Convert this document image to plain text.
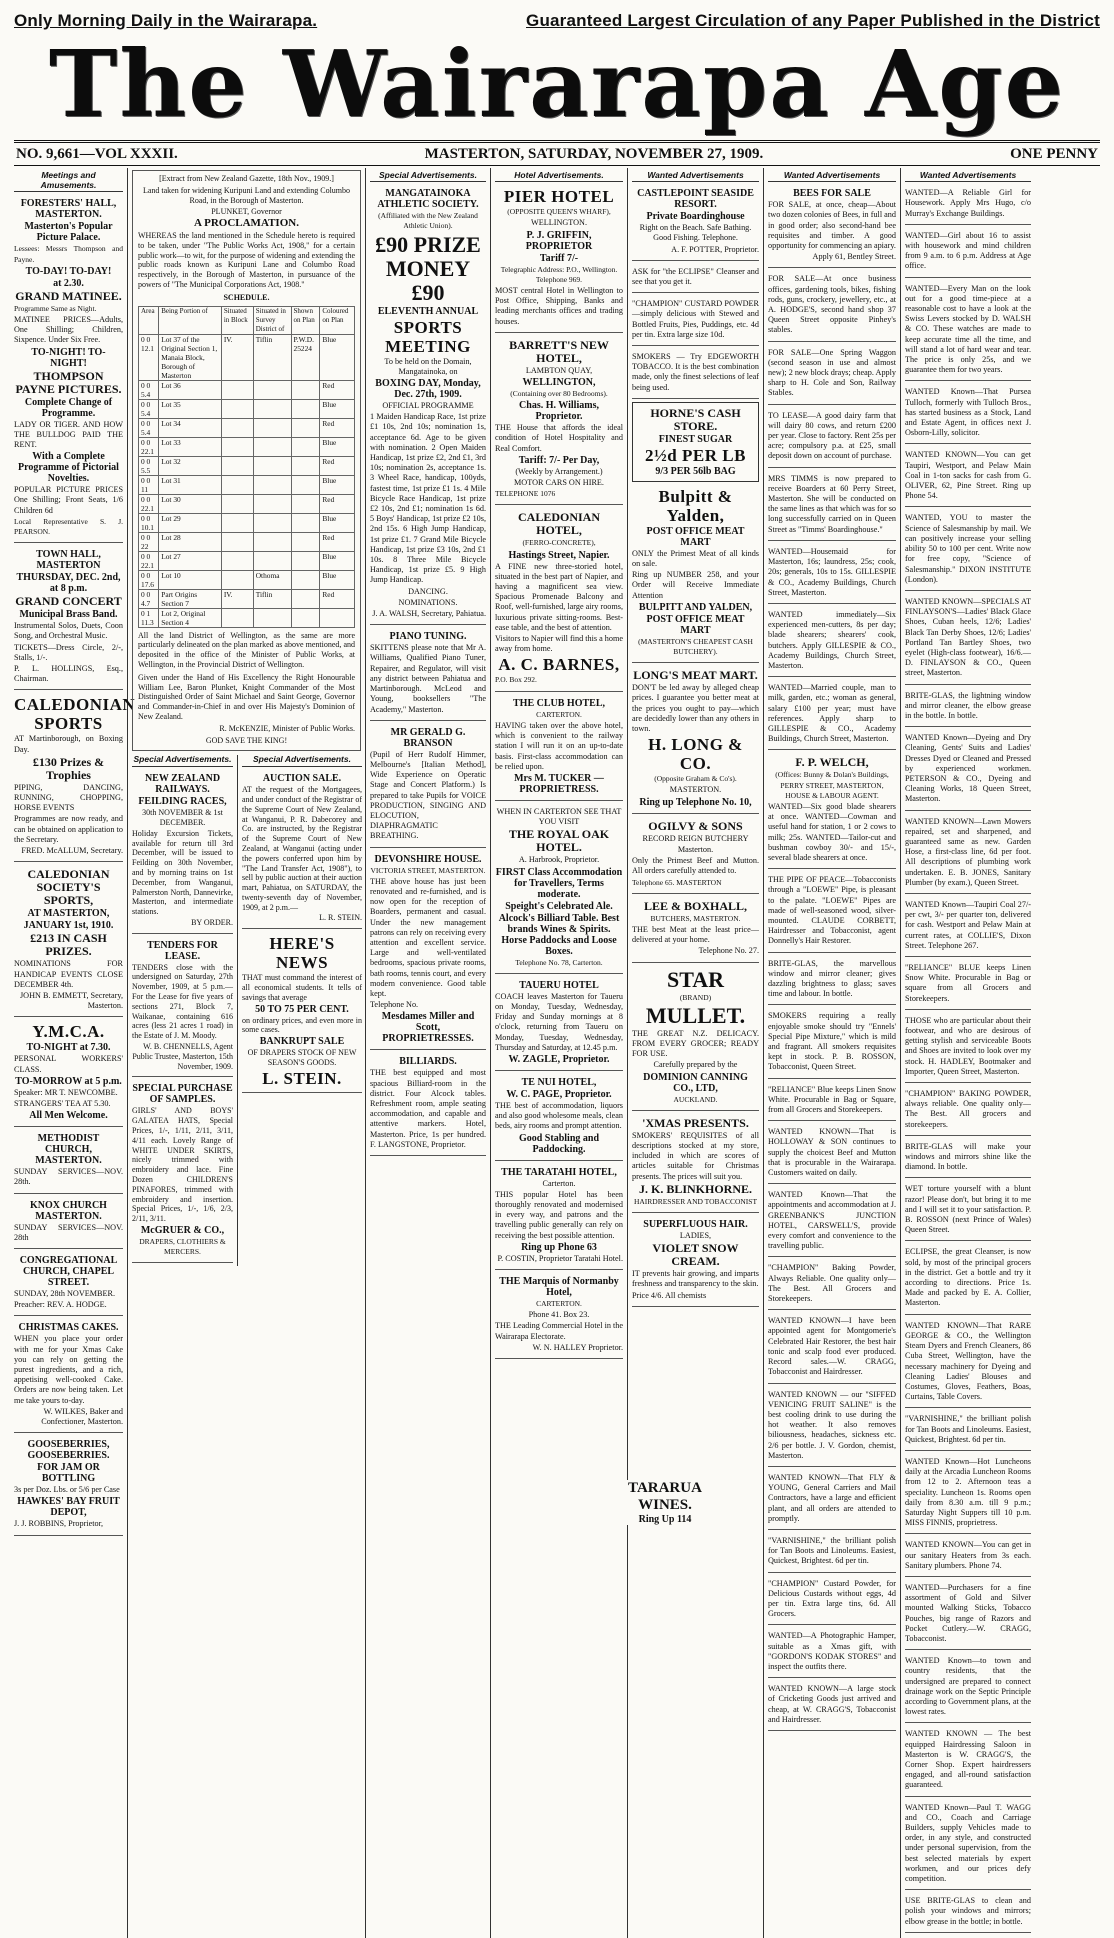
Only Morning Daily in the Wairarapa.	Guaranteed Largest Circulation of any Paper Published in the District
The Wairarapa Age
NO. 9,661—VOL XXXII.	MASTERTON, SATURDAY, NOVEMBER 27, 1909.	ONE PENNY
Meetings and Amusements.
FORESTERS' HALL, MASTERTON.
Masterton's Popular Picture Palace.

Lessees: Messrs Thompson and Payne.

TO-DAY! TO-DAY!
at 2.30.
GRAND MATINEE.

Programme Same as Night.

MATINEE PRICES—Adults, One Shilling; Children, Sixpence. Under Six Free.

TO-NIGHT! TO-NIGHT!
THOMPSON PAYNE PICTURES.
Complete Change of Programme.

LADY OR TIGER. AND HOW THE BULLDOG PAID THE RENT.

With a Complete Programme of Pictorial Novelties.

POPULAR PICTURE PRICES One Shilling; Front Seats, 1/6 Children 6d

Local Representative S. J. PEARSON.

TOWN HALL, MASTERTON
THURSDAY, DEC. 2nd, at 8 p.m.
GRAND CONCERT
Municipal Brass Band.

Instrumental Solos, Duets, Coon Song, and Orchestral Music.

TICKETS—Dress Circle, 2/-, Stalls, 1/-.

P. L. HOLLINGS, Esq., Chairman.

CALEDONIAN SPORTS

AT Martinborough, on Boxing Day.

£130 Prizes & Trophies

PIPING, DANCING, RUNNING, CHOPPING, HORSE EVENTS

Programmes are now ready, and can be obtained on application to the Secretary.

FRED. McALLUM, Secretary.

CALEDONIAN SOCIETY'S SPORTS,
AT MASTERTON,
JANUARY 1st, 1910.
£213 IN CASH PRIZES.

NOMINATIONS FOR HANDICAP EVENTS CLOSE DECEMBER 4th.

JOHN B. EMMETT, Secretary, Masterton.

Y.M.C.A.
TO-NIGHT at 7.30.

PERSONAL WORKERS' CLASS.

TO-MORROW at 5 p.m.

Speaker: MR T. NEWCOMBE.

STRANGERS' TEA AT 5.30.

All Men Welcome.
METHODIST CHURCH, MASTERTON.

SUNDAY SERVICES—NOV. 28th.

KNOX CHURCH MASTERTON.

SUNDAY SERVICES—NOV. 28th

CONGREGATIONAL CHURCH, CHAPEL STREET.

SUNDAY, 28th NOVEMBER.

Preacher: REV. A. HODGE.

CHRISTMAS CAKES.

WHEN you place your order with me for your Xmas Cake you can rely on getting the purest ingredients, and a rich, appetising well-cooked Cake. Orders are now being taken. Let me take yours to-day.

W. WILKES, Baker and Confectioner, Masterton.

GOOSEBERRIES, GOOSEBERRIES.
FOR JAM OR BOTTLING

3s per Doz. Lbs. or 5/6 per Case

HAWKES' BAY FRUIT DEPOT,

J. J. ROBBINS, Proprietor,

[Extract from New Zealand Gazette, 18th Nov., 1909.]

Land taken for widening Kuripuni Land and extending Columbo Road, in the Borough of Masterton.

PLUNKET, Governor

A PROCLAMATION.

WHEREAS the land mentioned in the Schedule hereto is required to be taken, under "The Public Works Act, 1908," for a certain public work—to wit, for the purpose of widening and extending the public roads known as Kuripuni Lane and Columbo Road respectively, in the Borough of Masterton, in pursuance of the powers of "The Municipal Corporations Act, 1908."

SCHEDULE.

Area	Being Portion of	Situated in Block	Situated in Survey District of	Shown on Plan	Coloured on Plan
0 0 12.1	Lot 37 of the Original Section 1, Manaia Block, Borough of Masterton	IV.	Tiflin	P.W.D. 25224	Blue
0 0 5.4	Lot 36				Red
0 0 5.4	Lot 35				Blue
0 0 5.4	Lot 34				Red
0 0 22.1	Lot 33				Blue
0 0 5.5	Lot 32				Red
0 0 11	Lot 31				Blue
0 0 22.1	Lot 30				Red
0 0 10.1	Lot 29				Blue
0 0 22	Lot 28				Red
0 0 22.1	Lot 27				Blue
0 0 17.6	Lot 10		Othoma		Blue
0 0 4.7	Part Origins Section 7	IV.	Tiflin		Red
0 1 11.3	Lot 2, Original Section 4				

All the land District of Wellington, as the same are more particularly delineated on the plan marked as above mentioned, and deposited in the office of the Minister of Public Works, at Wellington, in the Provincial District of Wellington.

Given under the Hand of His Excellency the Right Honourable William Lee, Baron Plunket, Knight Commander of the Most Distinguished Order of Saint Michael and Saint George, Governor and Commander-in-Chief in and over His Majesty's Dominion of New Zealand.

R. McKENZIE, Minister of Public Works.

GOD SAVE THE KING!

Special Advertisements.
NEW ZEALAND RAILWAYS.
FEILDING RACES,

30th NOVEMBER & 1st DECEMBER.

Holiday Excursion Tickets, available for return till 3rd December, will be issued to Feilding on 30th November, and by morning trains on 1st December, from Wanganui, Palmerston North, Dannevirke, Masterton, and intermediate stations.

BY ORDER.

TENDERS FOR LEASE.

TENDERS close with the undersigned on Saturday, 27th November, 1909, at 5 p.m.— For the Lease for five years of sections 271, Block 7, Waikanae, containing 616 acres (less 21 acres 1 road) in the Estate of J. M. Moody.

W. B. CHENNELLS, Agent Public Trustee, Masterton, 15th November, 1909.

SPECIAL PURCHASE OF SAMPLES.

GIRLS' AND BOYS' GALATEA HATS, Special Prices, 1/-, 1/11, 2/11, 3/11, 4/11 each. Lovely Range of WHITE UNDER SKIRTS, nicely trimmed with embroidery and lace. Fine Dozen CHILDREN'S PINAFORES, trimmed with embroidery and insertion. Special Prices, 1/-, 1/6, 2/3, 2/11, 3/11.

McGRUER & CO.,

DRAPERS, CLOTHIERS & MERCERS.

Special Advertisements.
AUCTION SALE.

AT the request of the Mortgagees, and under conduct of the Registrar of the Supreme Court of New Zealand, at Wanganui, P. R. Dabecorey and Co. are instructed, by the Registrar of the Supreme Court of New Zealand, at Wanganui (acting under the powers conferred upon him by "The Land Transfer Act, 1908"), to sell by public auction at their auction mart, Pahiatua, on SATURDAY, the twenty-seventh day of November, 1909, at 2 p.m.—

L. R. STEIN.

HERE'S NEWS

THAT must command the interest of all economical students. It tells of savings that average

50 TO 75 PER CENT.

on ordinary prices, and even more in some cases.

BANKRUPT SALE

OF DRAPERS STOCK OF NEW SEASON'S GOODS.

L. STEIN.
Special Advertisements.
MANGATAINOKA ATHLETIC SOCIETY.

(Affiliated with the New Zealand Athletic Union).

£90 PRIZE MONEY £90
ELEVENTH ANNUAL
SPORTS MEETING

To be held on the Domain, Mangatainoka, on

BOXING DAY, Monday, Dec. 27th, 1909.

OFFICIAL PROGRAMME

1 Maiden Handicap Race, 1st prize £1 10s, 2nd 10s; nomination 1s, acceptance 6d. Age to be given with nomination. 2 Open Maiden Handicap, 1st prize £2, 2nd £1, 3rd 10s; nomination 2s, acceptance 1s. 3 Wheel Race, handicap, 100yds, fastest time, 1st prize £1 1s. 4 Mile Bicycle Race Handicap, 1st prize £2 10s, 2nd £1; nomination 1s 6d. 5 Boys' Handicap, 1st prize £2 10s, 2nd 15s. 6 High Jump Handicap, 1st prize £1. 7 Grand Mile Bicycle Handicap, 1st prize £3 10s, 2nd £1 10s. 8 Three Mile Bicycle Handicap, 1st prize £5. 9 High Jump Handicap.

DANCING.

NOMINATIONS.

J. A. WALSH, Secretary, Pahiatua.

PIANO TUNING.

SKITTENS please note that Mr A. Williams, Qualified Piano Tuner, Repairer, and Regulator, will visit any district between Pahiatua and Martinborough. McLeod and Young, booksellers "The Academy," Masterton.

MR GERALD G. BRANSON

(Pupil of Herr Rudolf Himmer, Melbourne's [Italian Method], Wide Experience on Operatic Stage and Concert Platform.) Is prepared to take Pupils for VOICE PRODUCTION, SINGING AND ELOCUTION, DIAPHRAGMATIC BREATHING.

DEVONSHIRE HOUSE.

VICTORIA STREET, MASTERTON.

THE above house has just been renovated and re-furnished, and is now open for the reception of Boarders, permanent and casual. Under the new management patrons can rely on receiving every attention and excellent service. Large and well-ventilated bedrooms, spacious private rooms, bath rooms, tennis court, and every modern convenience. Good table kept.

Telephone No.

Mesdames Miller and Scott, PROPRIETRESSES.
BILLIARDS.

THE best equipped and most spacious Billiard-room in the district. Four Alcock tables. Refreshment room, ample seating accommodation, and capable and attentive markers. Hotel, Masterton. Price, 1s per hundred. F. LANGSTONE, Proprietor.

Hotel Advertisements.
PIER HOTEL

(OPPOSITE QUEEN'S WHARF),

WELLINGTON.

P. J. GRIFFIN, PROPRIETOR
Tariff 7/-

Telegraphic Address: P.O., Wellington. Telephone 969.

MOST central Hotel in Wellington to Post Office, Shipping, Banks and leading merchants offices and trading houses.

BARRETT'S NEW HOTEL,

LAMBTON QUAY,

WELLINGTON,

(Containing over 80 Bedrooms).

Chas. H. Williams, Proprietor.

THE House that affords the ideal condition of Hotel Hospitality and Real Comfort.

Tariff: 7/- Per Day,

(Weekly by Arrangement.)

MOTOR CARS ON HIRE.

TELEPHONE 1076

CALEDONIAN HOTEL,

(FERRO-CONCRETE),

Hastings Street, Napier.

A FINE new three-storied hotel, situated in the best part of Napier, and having a magnificent sea view. Spacious Promenade Balcony and Roof, well-furnished, large airy rooms, luxurious private sitting-rooms. Best-ease table, and the best of attention.

Visitors to Napier will find this a home away from home.

A. C. BARNES,

P.O. Box 292.

THE CLUB HOTEL,

CARTERTON.

HAVING taken over the above hotel, which is convenient to the railway station I will run it on an up-to-date basis. First-class accommodation can be relied upon.

Mrs M. TUCKER — PROPRIETRESS.

WHEN IN CARTERTON SEE THAT YOU VISIT

THE ROYAL OAK HOTEL.

A. Harbrook, Proprietor.

FIRST Class Accommodation for Travellers, Terms moderate.
Speight's Celebrated Ale.
Alcock's Billiard Table. Best brands Wines & Spirits. Horse Paddocks and Loose Boxes.

Telephone No. 78, Carterton.

TAUERU HOTEL

COACH leaves Masterton for Taueru on Monday, Tuesday, Wednesday, Friday and Sunday mornings at 8 o'clock, returning from Taueru on Monday, Tuesday, Wednesday, Thursday and Saturday, at 12.45 p.m.

W. ZAGLE, Proprietor.
TE NUI HOTEL,
W. C. PAGE, Proprietor.

THE best of accommodation, liquors and also good wholesome meals, clean beds, airy rooms and prompt attention.

Good Stabling and Paddocking.
THE TARATAHI HOTEL,

Carterton.

THIS popular Hotel has been thoroughly renovated and modernised in every way, and patrons and the travelling public generally can rely on receiving the best possible attention.

Ring up Phone 63

P. COSTIN, Proprietor Taratahi Hotel.

THE Marquis of Normanby Hotel,

CARTERTON.

Phone 41. Box 23.

THE Leading Commercial Hotel in the Wairarapa Electorate.

W. N. HALLEY Proprietor.

Wanted Advertisements
CASTLEPOINT SEASIDE RESORT.
Private Boardinghouse

Right on the Beach. Safe Bathing. Good Fishing. Telephone.

A. F. POTTER, Proprietor.

ASK for "the ECLIPSE" Cleanser and see that you get it.

"CHAMPION" CUSTARD POWDER—simply delicious with Stewed and Bottled Fruits, Pies, Puddings, etc. 4d per tin. Extra large size 10d.

SMOKERS — Try EDGEWORTH TOBACCO. It is the best combination made, only the finest selections of leaf being used.

HORNE'S CASH STORE.
FINEST SUGAR
2½d PER LB
9/3 PER 56lb BAG
Bulpitt & Yalden,
POST OFFICE MEAT MART

ONLY the Primest Meat of all kinds on sale.

Ring up NUMBER 258, and your Order will Receive Immediate Attention

BULPITT AND YALDEN,
POST OFFICE MEAT MART

(MASTERTON'S CHEAPEST CASH BUTCHERY).

LONG'S MEAT MART.

DON'T be led away by alleged cheap prices. I guarantee you better meat at the prices you ought to pay—which are decidedly lower than any others in town.

H. LONG & CO.

(Opposite Graham & Co's).

MASTERTON.

Ring up Telephone No. 10,
OGILVY & SONS

RECORD REIGN BUTCHERY

Masterton.

Only the Primest Beef and Mutton. All orders carefully attended to.

Telephone 65. MASTERTON

LEE & BOXHALL,

BUTCHERS, MASTERTON.

THE best Meat at the least price—delivered at your home.

Telephone No. 27.

STAR

(BRAND)

MULLET.

THE GREAT N.Z. DELICACY. FROM EVERY GROCER; READY FOR USE.

Carefully prepared by the

DOMINION CANNING CO., LTD,

AUCKLAND.

'XMAS PRESENTS.

SMOKERS' REQUISITES of all descriptions stocked at my store, included in which are scores of articles suitable for Christmas presents. The prices will suit you.

J. K. BLINKHORNE.

HAIRDRESSER AND TOBACCONIST

SUPERFLUOUS HAIR.

LADIES,

VIOLET SNOW CREAM.

IT prevents hair growing, and imparts freshness and transparency to the skin.

Price 4/6. All chemists

Wanted Advertisements
BEES FOR SALE

FOR SALE, at once, cheap—About two dozen colonies of Bees, in full and in good order; also second-hand bee requisites and timber. A good opportunity for commencing an apiary.

Apply 61, Bentley Street.

FOR SALE—At once business offices, gardening tools, bikes, fishing rods, guns, crockery, jewellery, etc., at A. HODGE'S, second hand shop 37 Queen Street opposite Pinhey's stables.

FOR SALE—One Spring Waggon (second season in use and almost new); 2 new block drays; cheap. Apply sharp to H. Cole and Son, Railway Stables.

TO LEASE—A good dairy farm that will dairy 80 cows, and return £200 per year. Close to factory. Rent 25s per acre; compulsory p.a. at £25, small deposit down on account of purchase.

MRS TIMMS is now prepared to receive Boarders at 60 Perry Street, Masterton. She will be conducted on the same lines as that which was for so long successfully carried on in Queen Street as "Timms' Boardinghouse."

WANTED—Housemaid for Masterton, 16s; laundress, 25s; cook, 20s; generals, 10s to 15s. GILLESPIE & CO., Academy Buildings, Church Street, Masterton.

WANTED immediately—Six experienced men-cutters, 8s per day; blade shearers; shearers' cook, butchers. Apply GILLESPIE & CO., Academy Buildings, Church Street, Masterton.

WANTED—Married couple, man to milk, garden, etc.; woman as general, salary £100 per year; must have references. Apply sharp to GILLESPIE & CO., Academy Buildings, Church Street, Masterton.

F. P. WELCH,

(Offices: Bunny & Dolan's Buildings, PERRY STREET, MASTERTON, HOUSE & LABOUR AGENT.

WANTED—Six good blade shearers at once. WANTED—Cowman and useful hand for station, 1 or 2 cows to milk; 25s. WANTED—Tailor-cut and bushman cowboy 30/- and 15/-, several blade shearers at once.

THE PIPE OF PEACE—Tobacconists through a "LOEWE" Pipe, is pleasant to the palate. "LOEWE" Pipes are made of well-seasoned wood, silver-mounted. CLAUDE CORBETT, Hairdresser and Tobacconist, agent Donnelly's Hair Restorer.

BRITE-GLAS, the marvellous window and mirror cleaner; gives dazzling brightness to glass; saves time and labour. In bottle.

SMOKERS requiring a really enjoyable smoke should try "Ennels' Special Pipe Mixture," which is mild and fragrant. All smokers requisites kept in stock. P. B. ROSSON, Tobacconist, Queen Street.

"RELIANCE" Blue keeps Linen Snow White. Procurable in Bag or Square, from all Grocers and Storekeepers.

WANTED KNOWN—That is HOLLOWAY & SON continues to supply the choicest Beef and Mutton that is procurable in the Wairarapa. Customers waited on daily.

WANTED Known—That the appointments and accommodation at J. GREENBANK'S JUNCTION HOTEL, CARSWELL'S, provide every comfort and convenience to the travelling public.

"CHAMPION" Baking Powder, Always Reliable. One quality only—The Best. All Grocers and Storekeepers.

WANTED KNOWN—I have been appointed agent for Montgomerie's Celebrated Hair Restorer, the best hair tonic and scalp food ever produced. Record sales.—W. CRAGG, Tobacconist and Hairdresser.

WANTED KNOWN — our "SIFFED VENICING FRUIT SALINE" is the best cooling drink to use during the hot weather. It also removes biliousness, headaches, sickness etc. 2/6 per bottle. J. V. Gordon, chemist, Masterton.

WANTED KNOWN—That FLY & YOUNG, General Carriers and Mail Contractors, have a large and efficient plant, and all orders are attended to promptly.

"VARNISHINE," the brilliant polish for Tan Boots and Linoleums. Easiest, Quickest, Brightest. 6d per tin.

"CHAMPION" Custard Powder, for Delicious Custards without eggs, 4d per tin. Extra large tins, 6d. All Grocers.

WANTED—A Photographic Hamper, suitable as a Xmas gift, with "GORDON'S KODAK STORES" and inspect the outfits there.

WANTED KNOWN—A large stock of Cricketing Goods just arrived and cheap, at W. CRAGG'S, Tobacconist and Hairdresser.

Wanted Advertisements

WANTED—A Reliable Girl for Housework. Apply Mrs Hugo, c/o Murray's Exchange Buildings.

WANTED—Girl about 16 to assist with housework and mind children from 9 a.m. to 6 p.m. Address at Age office.

WANTED—Every Man on the look out for a good time-piece at a reasonable cost to have a look at the Swiss Levers stocked by D. WALSH & CO. These watches are made to keep accurate time all the time, and will stand a lot of hard wear and tear. The price is only 25s, and we guarantee them for two years.

WANTED Known—That Pursea Tulloch, formerly with Tulloch Bros., has started business as a Stock, Land and Estate Agent, in offices next J. Osborn-Lilly, solicitor.

WANTED KNOWN—You can get Taupiri, Westport, and Pelaw Main Coal in 1-ton sacks for cash from G. OLIVER, 62, Pine Street. Ring up Phone 54.

WANTED, YOU to master the Science of Salesmanship by mail. We can positively increase your selling ability 50 to 100 per cent. Write now for free copy, "Science of Salesmanship." DIXON INSTITUTE (London).

WANTED KNOWN—SPECIALS AT FINLAYSON'S—Ladies' Black Glace Shoes, Cuban heels, 12/6; Ladies' Black Tan Derby Shoes, 12/6; Ladies' Portland Tan Bartley Shoes, two eyelet (High-class footwear), 16/6.—D. FINLAYSON & CO., Queen street, Masterton.

BRITE-GLAS, the lightning window and mirror cleaner, the elbow grease in the bottle. In bottle.

WANTED Known—Dyeing and Dry Cleaning, Gents' Suits and Ladies' Dresses Dyed or Cleaned and Pressed by experienced workmen. PETERSON & CO., Dyeing and Cleaning Works, 18 Queen Street, Masterton.

WANTED KNOWN—Lawn Mowers repaired, set and sharpened, and guaranteed same as new. Garden Hose, a first-class line, 6d per foot. All descriptions of plumbing work undertaken. E. B. JONES, Sanitary Plumber (by exam.), Queen Street.

WANTED Known—Taupiri Coal 27/- per cwt, 3/- per quarter ton, delivered for cash. Westport and Pelaw Main at current rates, at COLLIE'S, Dixon Street. Telephone 267.

"RELIANCE" BLUE keeps Linen Snow White. Procurable in Bag or square from all Grocers and Storekeepers.

THOSE who are particular about their footwear, and who are desirous of getting stylish and serviceable Boots and Shoes are invited to look over my stock. H. HADLEY, Bootmaker and Importer, Queen Street, Masterton.

"CHAMPION" BAKING POWDER, always reliable. One quality only—The Best. All grocers and storekeepers.

BRITE-GLAS will make your windows and mirrors shine like the diamond. In bottle.

WET torture yourself with a blunt razor! Please don't, but bring it to me and I will set it to your satisfaction. P. B. ROSSON (next Prince of Wales) Queen Street.

ECLIPSE, the great Cleanser, is now sold, by most of the principal grocers in the district. Get a bottle and try it according to directions. Price 1s. Made and packed by E. A. Collier, Masterton.

WANTED KNOWN—That RARE GEORGE & CO., the Wellington Steam Dyers and French Cleaners, 86 Cuba Street, Wellington, have the necessary machinery for Dyeing and Cleaning Ladies' Blouses and Costumes, Gloves, Feathers, Boas, Curtains, Table Covers.

"VARNISHINE," the brilliant polish for Tan Boots and Linoleums. Easiest, Quickest, Brightest. 6d per tin.

WANTED Known—Hot Luncheons daily at the Arcadia Luncheon Rooms from 12 to 2. Afternoon teas a speciality. Luncheon 1s. Rooms open daily from 8.30 a.m. till 9 p.m.; Saturday Night Suppers till 10 p.m. MISS FINNIS, proprietress.

WANTED KNOWN—You can get in our sanitary Heaters from 3s each. Sanitary plumbers. Phone 74.

WANTED—Purchasers for a fine assortment of Gold and Silver mounted Walking Sticks, Tobacco Pouches, big range of Razors and Pocket Cutlery.—W. CRAGG, Tobacconist.

WANTED Known—to town and country residents, that the undersigned are prepared to connect drainage work on the Septic Principle according to Government plans, at the lowest rates.

WANTED KNOWN — The best equipped Hairdressing Saloon in Masterton is W. CRAGG'S, the Corner Shop. Expert hairdressers engaged, and all-round satisfaction guaranteed.

WANTED Known—Paul T. WAGG and CO., Coach and Carriage Builders, supply Vehicles made to order, in any style, and constructed under personal supervision, from the best selected materials by expert workmen, and our prices defy competition.

USE BRITE-GLAS to clean and polish your windows and mirrors; elbow grease in the bottle; in bottle.

TARARUA WINES.
Ring Up 114
